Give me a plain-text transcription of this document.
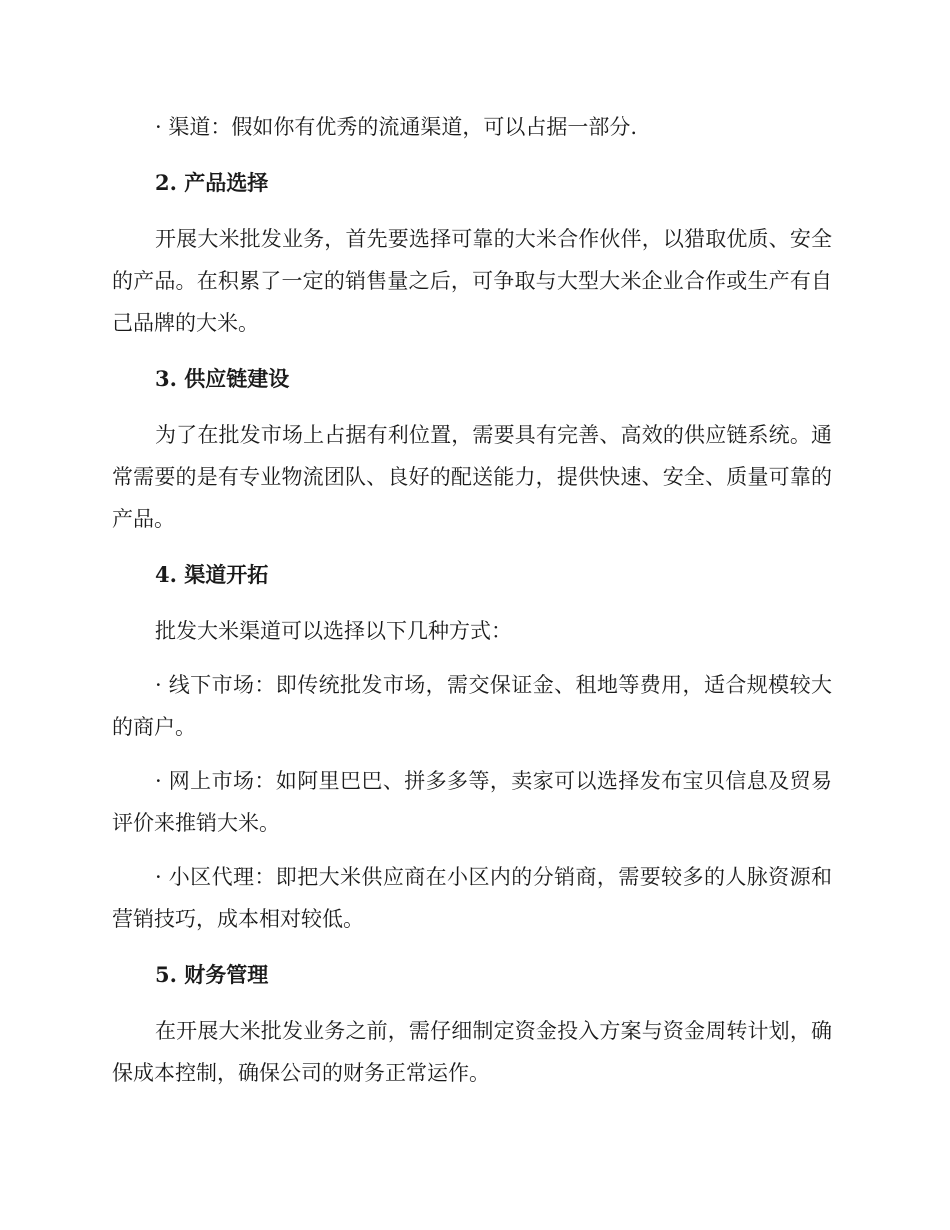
· 渠道：假如你有优秀的流通渠道，可以占据一部分.

2. 产品选择

开展大米批发业务，首先要选择可靠的大米合作伙伴，以猎取优质、安全的产品。在积累了一定的销售量之后，可争取与大型大米企业合作或生产有自己品牌的大米。

3. 供应链建设

为了在批发市场上占据有利位置，需要具有完善、高效的供应链系统。通常需要的是有专业物流团队、良好的配送能力，提供快速、安全、质量可靠的产品。

4. 渠道开拓

批发大米渠道可以选择以下几种方式：

· 线下市场：即传统批发市场，需交保证金、租地等费用，适合规模较大的商户。

· 网上市场：如阿里巴巴、拼多多等，卖家可以选择发布宝贝信息及贸易评价来推销大米。

· 小区代理：即把大米供应商在小区内的分销商，需要较多的人脉资源和营销技巧，成本相对较低。

5. 财务管理

在开展大米批发业务之前，需仔细制定资金投入方案与资金周转计划，确保成本控制，确保公司的财务正常运作。
